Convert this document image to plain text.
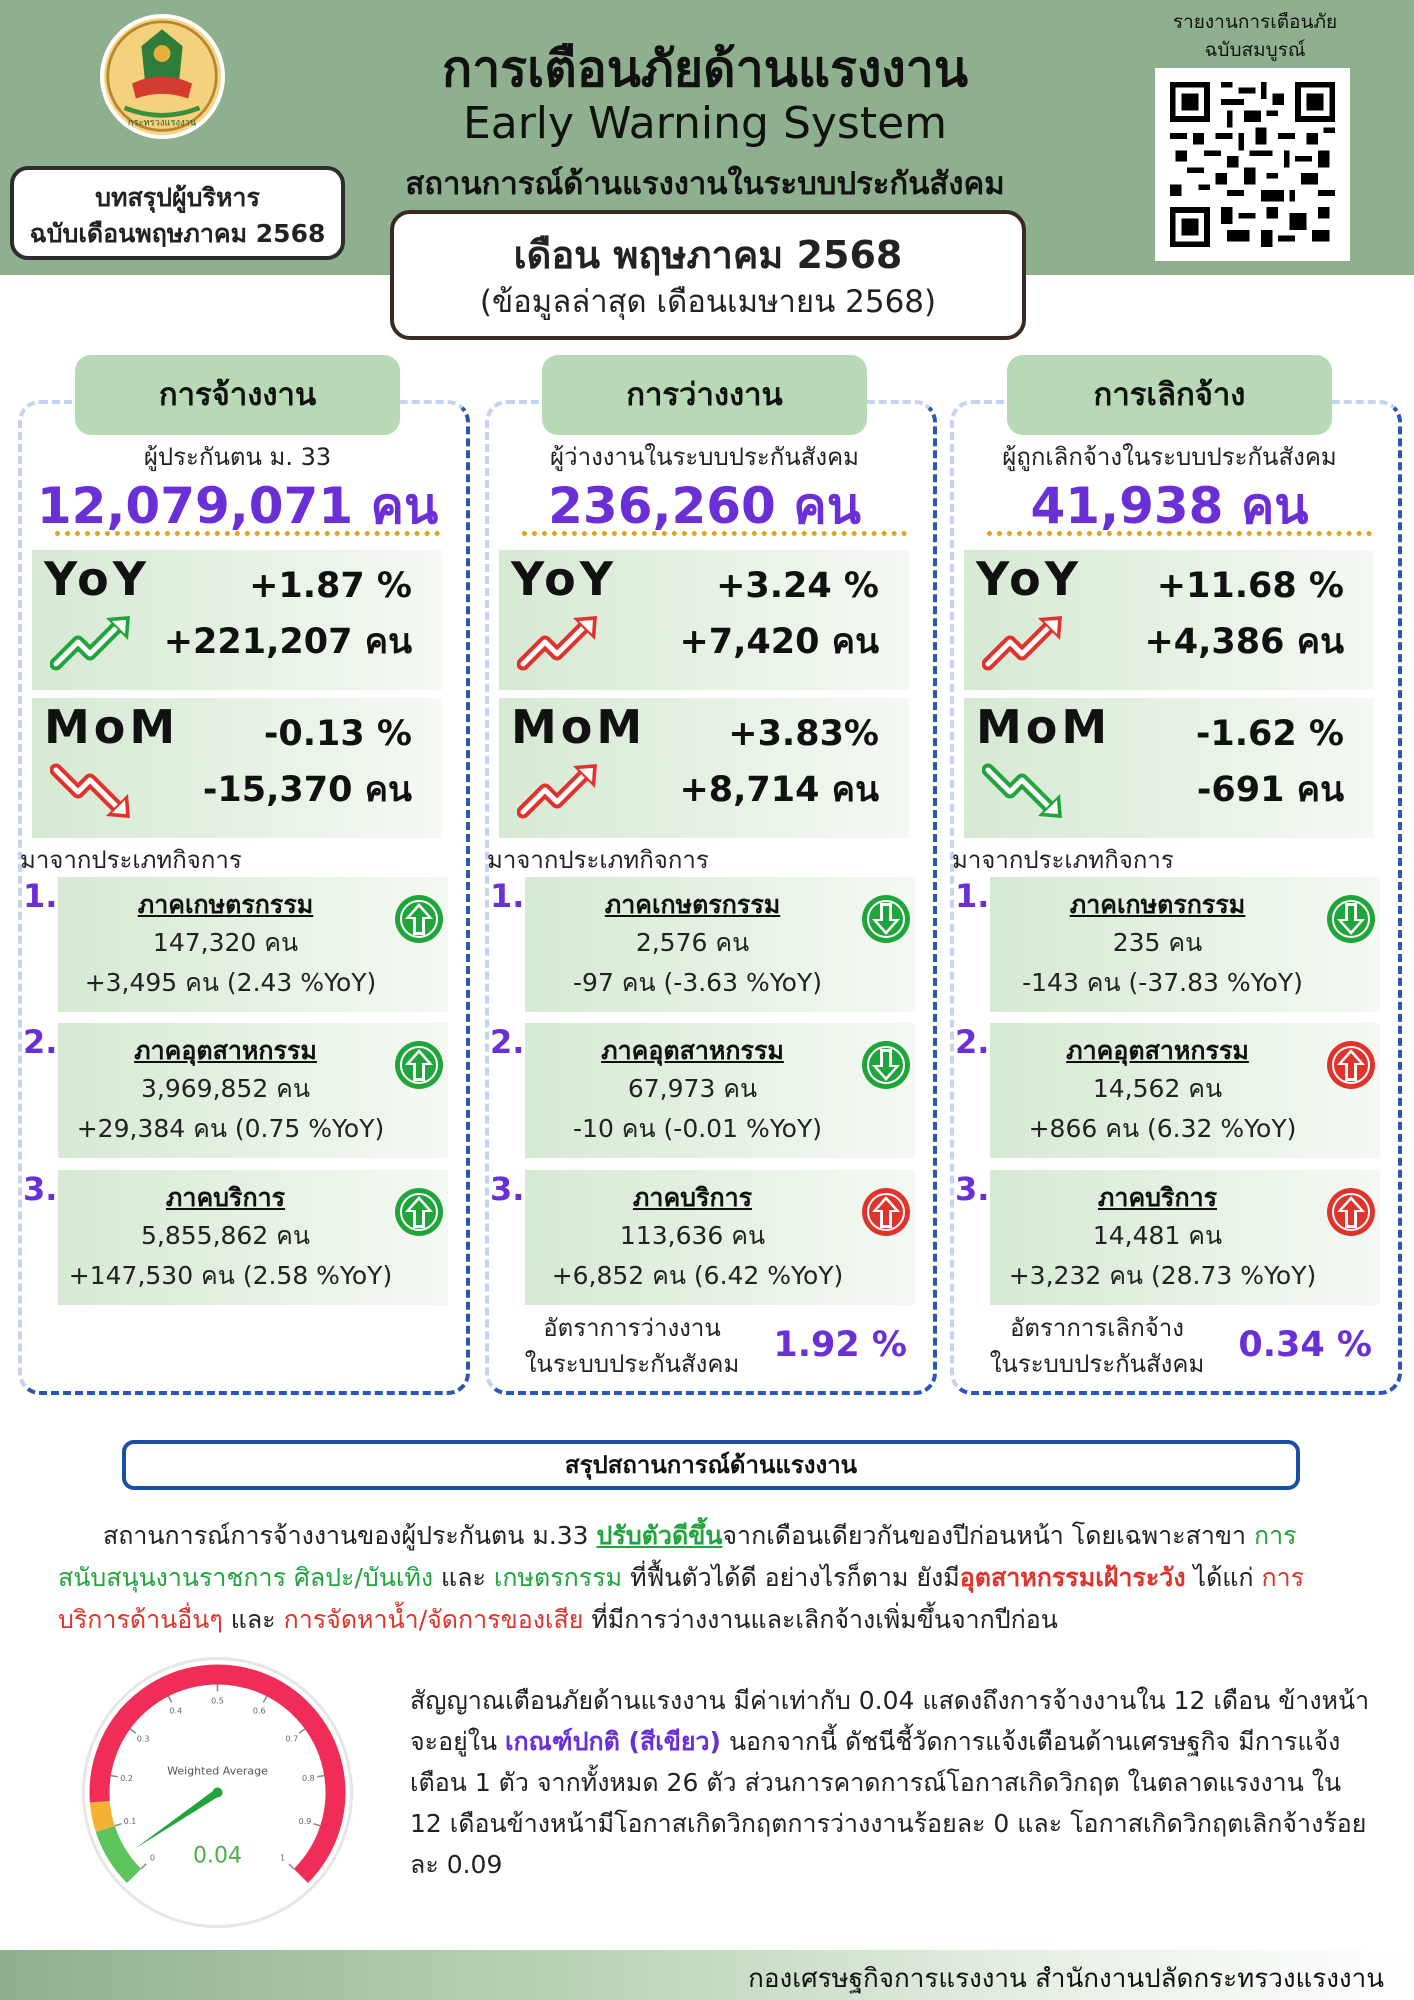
กระทรวงแรงงาน
บทสรุปผู้บริหาร
ฉบับเดือนพฤษภาคม 2568
การเตือนภัยด้านแรงงาน
Early Warning System
สถานการณ์ด้านแรงงานในระบบประกันสังคม
รายงานการเตือนภัย
ฉบับสมบูรณ์
เดือน พฤษภาคม 2568
(ข้อมูลล่าสุด เดือนเมษายน 2568)
การจ้างงาน
ผู้ประกันตน ม. 33
12,079,071 คน
YoY	+1.87 %
+221,207 คน
MoM	-0.13 %
-15,370 คน
มาจากประเภทกิจการ
1.	ภาคเกษตรกรรม
147,320 คน
+3,495 คน (2.43 %YoY)
2.	ภาคอุตสาหกรรม
3,969,852 คน
+29,384 คน (0.75 %YoY)
3.	ภาคบริการ
5,855,862 คน
+147,530 คน (2.58 %YoY)
การว่างงาน
ผู้ว่างงานในระบบประกันสังคม
236,260 คน
YoY	+3.24 %
+7,420 คน
MoM	+3.83%
+8,714 คน
มาจากประเภทกิจการ
1.	ภาคเกษตรกรรม
2,576 คน
-97 คน (-3.63 %YoY)
2.	ภาคอุตสาหกรรม
67,973 คน
-10 คน (-0.01 %YoY)
3.	ภาคบริการ
113,636 คน
+6,852 คน (6.42 %YoY)
อัตราการว่างงาน
ในระบบประกันสังคม 1.92 %
การเลิกจ้าง
ผู้ถูกเลิกจ้างในระบบประกันสังคม
41,938 คน
YoY	+11.68 %
+4,386 คน
MoM	-1.62 %
-691 คน
มาจากประเภทกิจการ
1.	ภาคเกษตรกรรม
235 คน
-143 คน (-37.83 %YoY)
2.	ภาคอุตสาหกรรม
14,562 คน
+866 คน (6.32 %YoY)
3.	ภาคบริการ
14,481 คน
+3,232 คน (28.73 %YoY)
อัตราการเลิกจ้าง
ในระบบประกันสังคม 0.34 %
สรุปสถานการณ์ด้านแรงงาน
สถานการณ์การจ้างงานของผู้ประกันตน ม.33 ปรับตัวดีขึ้นจากเดือนเดียวกันของปีก่อนหน้า โดยเฉพาะสาขา การสนับสนุนงานราชการ ศิลปะ/บันเทิง และ เกษตรกรรม ที่ฟื้นตัวได้ดี อย่างไรก็ตาม ยังมีอุตสาหกรรมเฝ้าระวัง ได้แก่ การบริการด้านอื่นๆ และ การจัดหาน้ำ/จัดการของเสีย ที่มีการว่างงานและเลิกจ้างเพิ่มขึ้นจากปีก่อน
0
0.1
0.2
0.3
0.4
0.5
0.6
0.7
0.8
0.9
1
Weighted Average
0.04
สัญญาณเตือนภัยด้านแรงงาน มีค่าเท่ากับ 0.04 แสดงถึงการจ้างงานใน 12 เดือน ข้างหน้าจะอยู่ใน เกณฑ์ปกติ (สีเขียว) นอกจากนี้ ดัชนีชี้วัดการแจ้งเตือนด้านเศรษฐกิจ มีการแจ้งเตือน 1 ตัว จากทั้งหมด 26 ตัว ส่วนการคาดการณ์โอกาสเกิดวิกฤต ในตลาดแรงงาน ใน 12 เดือนข้างหน้ามีโอกาสเกิดวิกฤตการว่างงานร้อยละ 0 และ โอกาสเกิดวิกฤตเลิกจ้างร้อยละ 0.09
กองเศรษฐกิจการแรงงาน สำนักงานปลัดกระทรวงแรงงาน
